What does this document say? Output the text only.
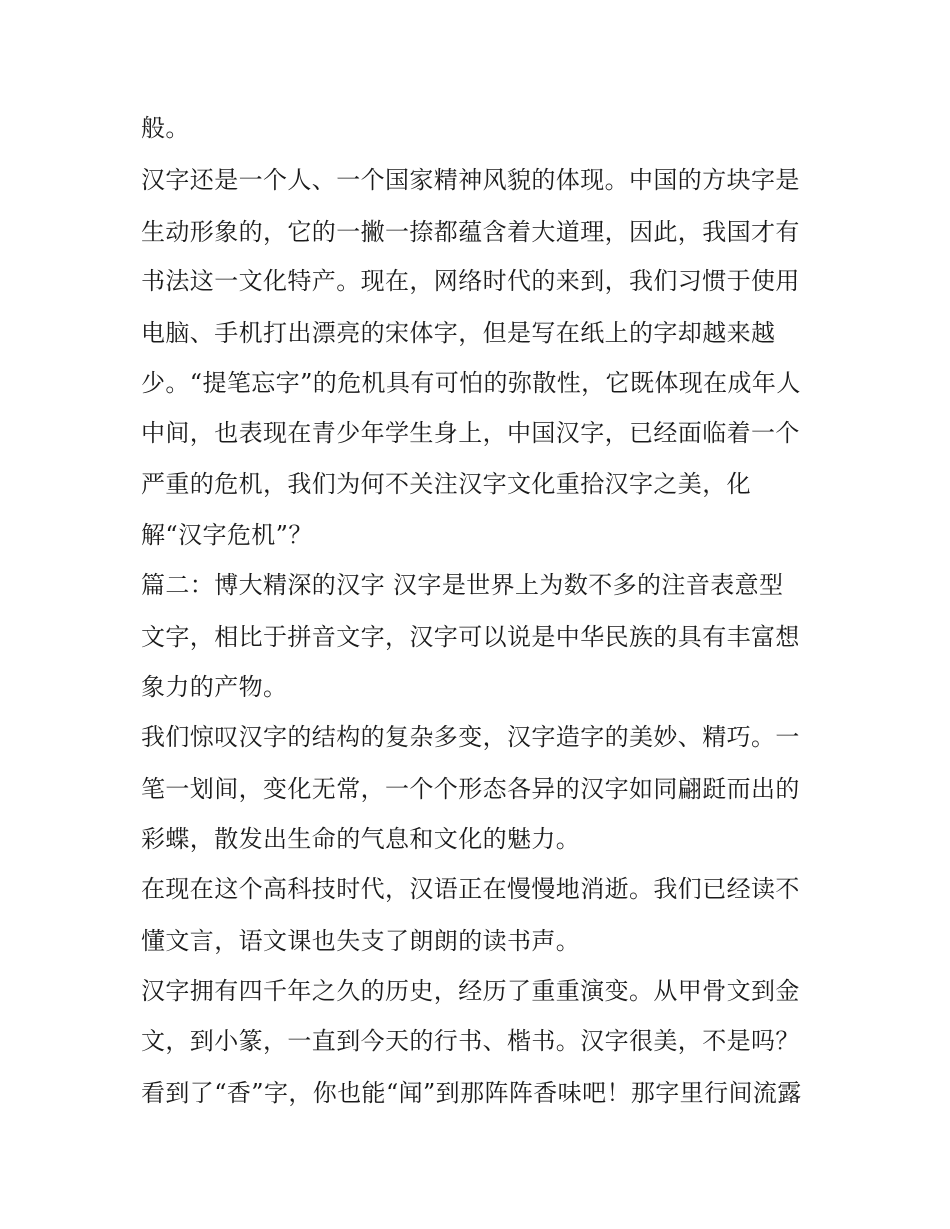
般。

汉字还是一个人、一个国家精神风貌的体现。中国的方块字是

生动形象的，它的一撇一捺都蕴含着大道理，因此，我国才有

书法这一文化特产。现在，网络时代的来到，我们习惯于使用

电脑、手机打出漂亮的宋体字，但是写在纸上的字却越来越

少。“提笔忘字”的危机具有可怕的弥散性，它既体现在成年人

中间，也表现在青少年学生身上，中国汉字，已经面临着一个

严重的危机，我们为何不关注汉字文化重拾汉字之美，化

解“汉字危机”？

篇二：博大精深的汉字 汉字是世界上为数不多的注音表意型

文字，相比于拼音文字，汉字可以说是中华民族的具有丰富想

象力的产物。

我们惊叹汉字的结构的复杂多变，汉字造字的美妙、精巧。一

笔一划间，变化无常，一个个形态各异的汉字如同翩跹而出的

彩蝶，散发出生命的气息和文化的魅力。

在现在这个高科技时代，汉语正在慢慢地消逝。我们已经读不

懂文言，语文课也失支了朗朗的读书声。

汉字拥有四千年之久的历史，经历了重重演变。从甲骨文到金

文，到小篆，一直到今天的行书、楷书。汉字很美，不是吗？

看到了“香”字，你也能“闻”到那阵阵香味吧！那字里行间流露
